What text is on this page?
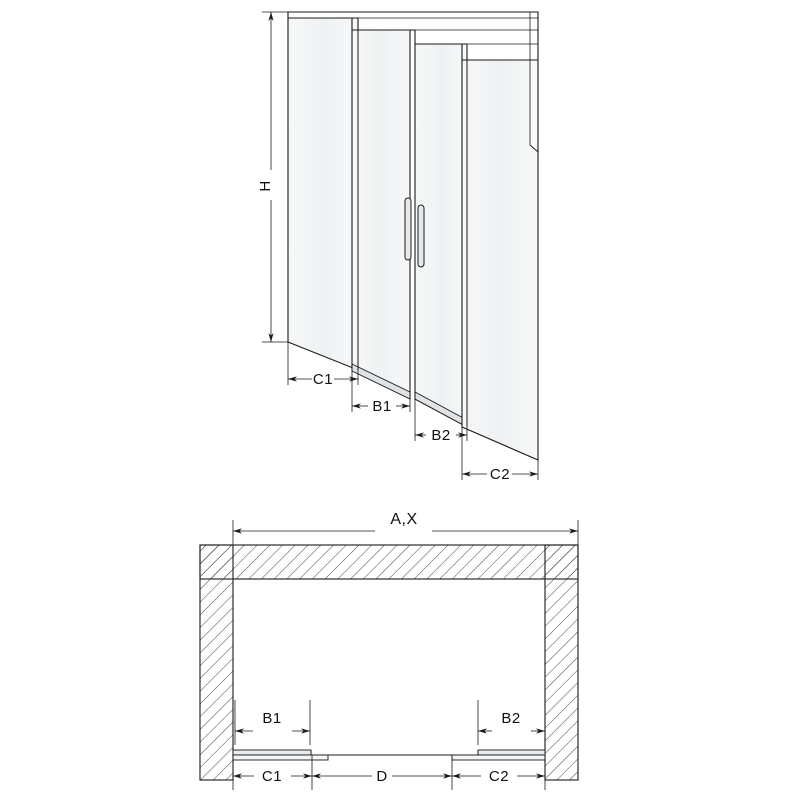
H
C1
B1
B2
C2
A,X
B1	B2
C1	D	C2
